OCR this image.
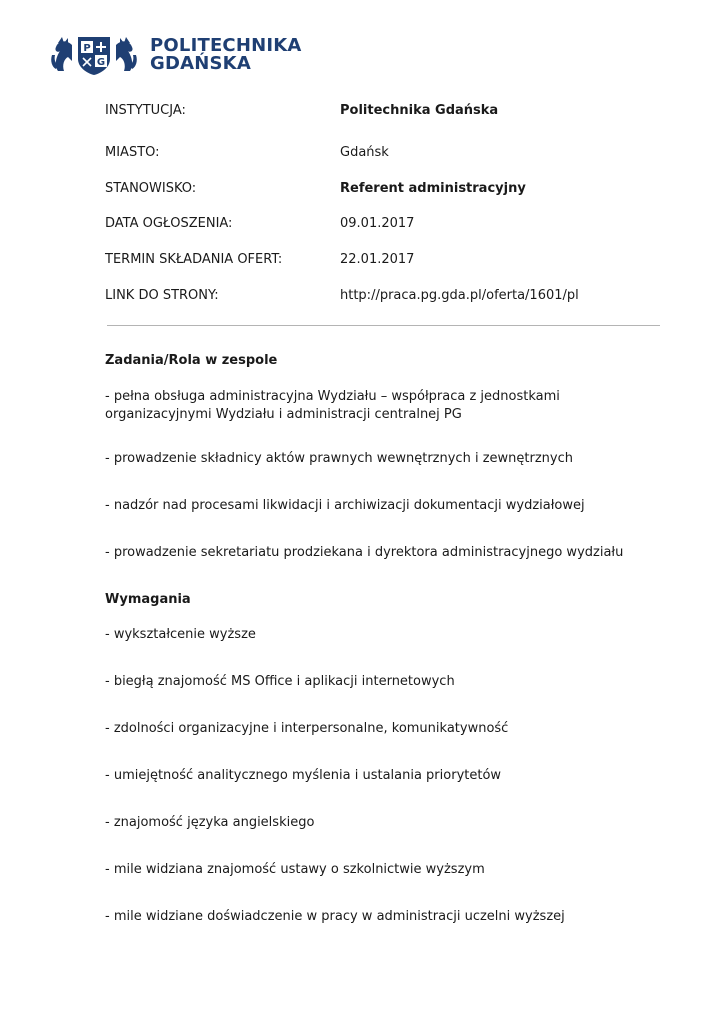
P
G
POLITECHNIKA
GDAŃSKA
INSTYTUCJA:	Politechnika Gdańska
MIASTO:	Gdańsk
STANOWISKO:	Referent administracyjny
DATA OGŁOSZENIA:	09.01.2017
TERMIN SKŁADANIA OFERT:	22.01.2017
LINK DO STRONY:	http://praca.pg.gda.pl/oferta/1601/pl
Zadania/Rola w zespole
- pełna obsługa administracyjna Wydziału – współpraca z jednostkami organizacyjnymi Wydziału i administracji centralnej PG
- prowadzenie składnicy aktów prawnych wewnętrznych i zewnętrznych
- nadzór nad procesami likwidacji i archiwizacji dokumentacji wydziałowej
- prowadzenie sekretariatu prodziekana i dyrektora administracyjnego wydziału
Wymagania
- wykształcenie wyższe
- biegłą znajomość MS Office i aplikacji internetowych
- zdolności organizacyjne i interpersonalne, komunikatywność
- umiejętność analitycznego myślenia i ustalania priorytetów
- znajomość języka angielskiego
- mile widziana znajomość ustawy o szkolnictwie wyższym
- mile widziane doświadczenie w pracy w administracji uczelni wyższej
